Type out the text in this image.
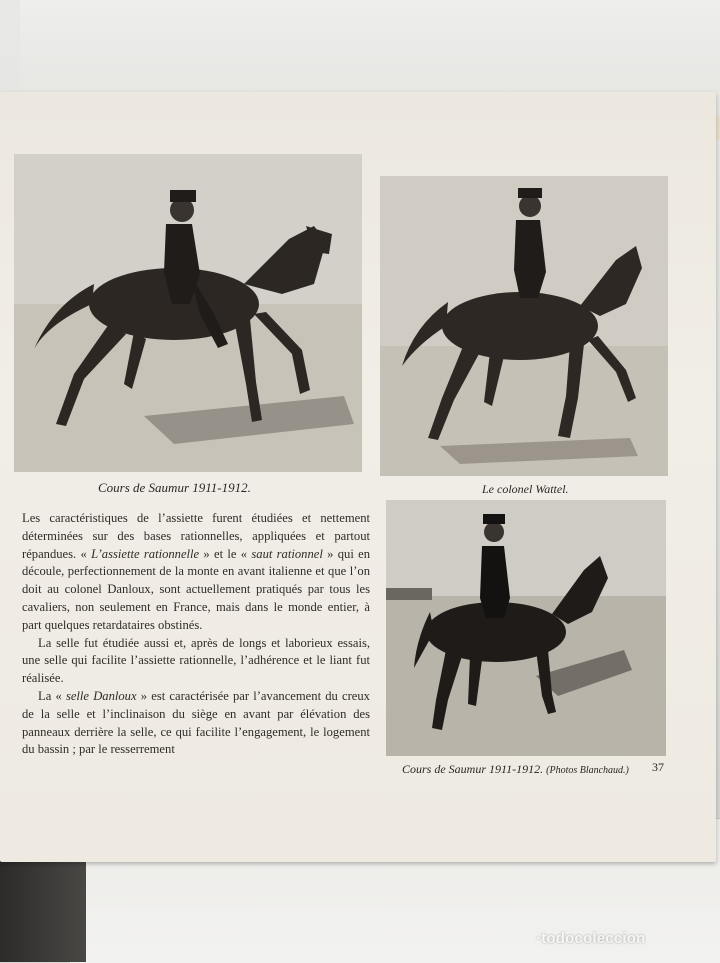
Cours de Saumur 1911-1912.	Le colonel Wattel.
Cours de Saumur 1911-1912. (Photos Blanchaud.) 37

Les caractéristiques de l’assiette furent étudiées et nettement déterminées sur des bases rationnelles, appliquées et partout répandues. « L’assiette rationnelle » et le « saut rationnel » qui en découle, perfectionnement de la monte en avant italienne et que l’on doit au colonel Danloux, sont actuellement pratiqués par tous les cavaliers, non seulement en France, mais dans le monde entier, à part quelques retardataires obstinés.

La selle fut étudiée aussi et, après de longs et laborieux essais, une selle qui facilite l’assiette rationnelle, l’adhérence et le liant fut réalisée.

La « selle Danloux » est caractérisée par l’avancement du creux de la selle et l’inclinaison du siège en avant par élévation des panneaux derrière la selle, ce qui facilite l’engagement, le logement du bassin ; par le resserrement

·todocoleccion
